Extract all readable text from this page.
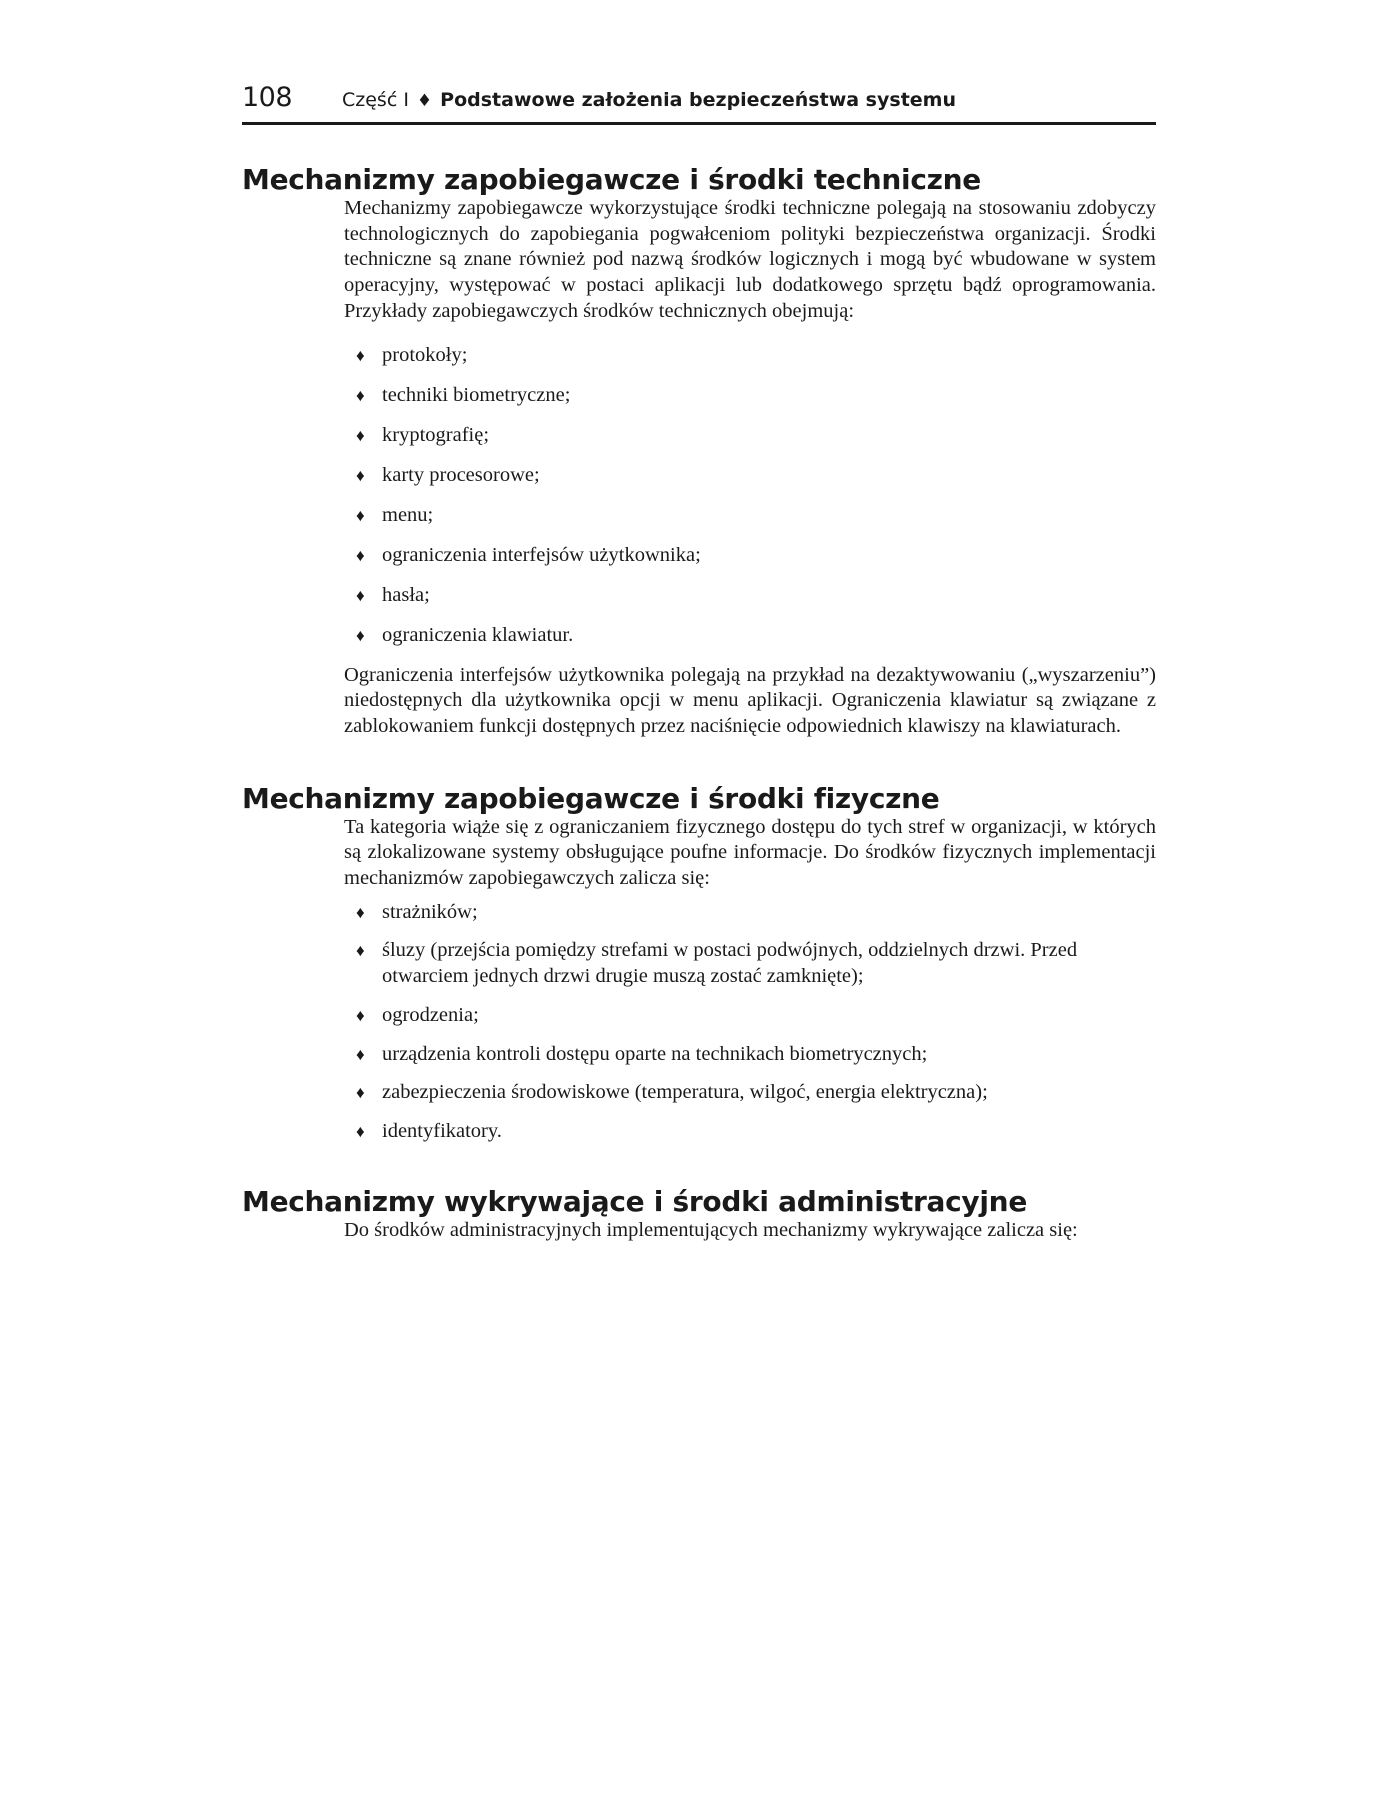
108	Część I ♦ Podstawowe założenia bezpieczeństwa systemu
Mechanizmy zapobiegawcze i środki techniczne

Mechanizmy zapobiegawcze wykorzystujące środki techniczne polegają na stosowaniu zdobyczy technologicznych do zapobiegania pogwałceniom polityki bezpieczeństwa organizacji. Środki techniczne są znane również pod nazwą środków logicznych i mogą być wbudowane w system operacyjny, występować w postaci aplikacji lub dodatkowego sprzętu bądź oprogramowania. Przykłady zapobiegawczych środków technicznych obejmują:

♦ protokoły;
♦ techniki biometryczne;
♦ kryptografię;
♦ karty procesorowe;
♦ menu;
♦ ograniczenia interfejsów użytkownika;
♦ hasła;
♦ ograniczenia klawiatur.

Ograniczenia interfejsów użytkownika polegają na przykład na dezaktywowaniu („wyszarzeniu”) niedostępnych dla użytkownika opcji w menu aplikacji. Ograniczenia klawiatur są związane z zablokowaniem funkcji dostępnych przez naciśnięcie odpowiednich klawiszy na klawiaturach.

Mechanizmy zapobiegawcze i środki fizyczne

Ta kategoria wiąże się z ograniczaniem fizycznego dostępu do tych stref w organizacji, w których są zlokalizowane systemy obsługujące poufne informacje. Do środków fizycznych implementacji mechanizmów zapobiegawczych zalicza się:

♦ strażników;
♦ śluzy (przejścia pomiędzy strefami w postaci podwójnych, oddzielnych drzwi. Przed otwarciem jednych drzwi drugie muszą zostać zamknięte);
♦ ogrodzenia;
♦ urządzenia kontroli dostępu oparte na technikach biometrycznych;
♦ zabezpieczenia środowiskowe (temperatura, wilgoć, energia elektryczna);
♦ identyfikatory.
Mechanizmy wykrywające i środki administracyjne

Do środków administracyjnych implementujących mechanizmy wykrywające zalicza się:
